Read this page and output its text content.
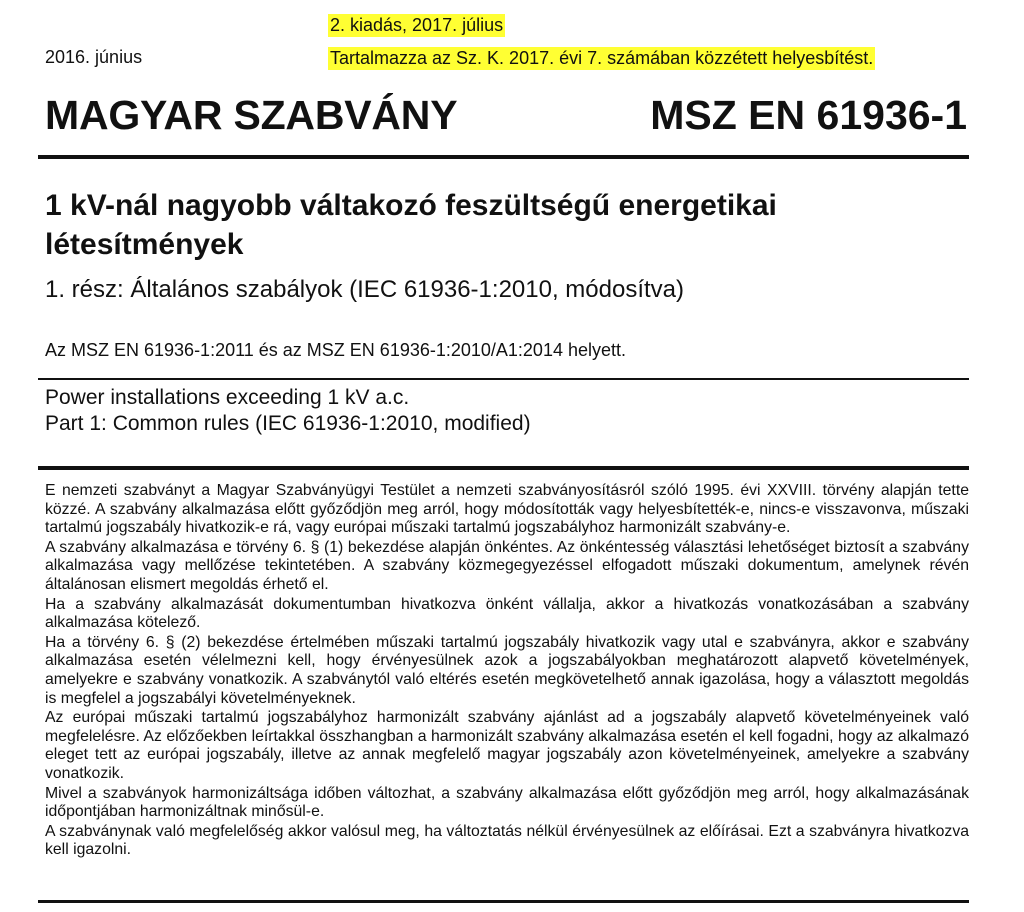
2016. június
2. kiadás, 2017. július
Tartalmazza az Sz. K. 2017. évi 7. számában közzétett helyesbítést.
MAGYAR SZABVÁNY	MSZ EN 61936-1
1 kV-nál nagyobb váltakozó feszültségű energetikai létesítmények
1. rész: Általános szabályok (IEC 61936-1:2010, módosítva)
Az MSZ EN 61936-1:2011 és az MSZ EN 61936-1:2010/A1:2014 helyett.
Power installations exceeding 1 kV a.c.
Part 1: Common rules (IEC 61936-1:2010, modified)

E nemzeti szabványt a Magyar Szabványügyi Testület a nemzeti szabványosításról szóló 1995. évi XXVIII. törvény alapján tette közzé. A szabvány alkalmazása előtt győződjön meg arról, hogy módosították vagy helyesbítették-e, nincs-e visszavonva, műszaki tartalmú jogszabály hivatkozik-e rá, vagy európai műszaki tartalmú jogszabályhoz harmonizált szabvány-e.

A szabvány alkalmazása e törvény 6. § (1) bekezdése alapján önkéntes. Az önkéntesség választási lehetőséget biztosít a szabvány alkalmazása vagy mellőzése tekintetében. A szabvány közmegegyezéssel elfogadott műszaki dokumentum, amelynek révén általánosan elismert megoldás érhető el.

Ha a szabvány alkalmazását dokumentumban hivatkozva önként vállalja, akkor a hivatkozás vonatkozásában a szabvány alkalmazása kötelező.

Ha a törvény 6. § (2) bekezdése értelmében műszaki tartalmú jogszabály hivatkozik vagy utal e szabványra, akkor e szabvány alkalmazása esetén vélelmezni kell, hogy érvényesülnek azok a jogszabályokban meghatározott alapvető követelmények, amelyekre e szabvány vonatkozik. A szabványtól való eltérés esetén megkövetelhető annak igazolása, hogy a választott megoldás is megfelel a jogszabályi követelményeknek.

Az európai műszaki tartalmú jogszabályhoz harmonizált szabvány ajánlást ad a jogszabály alapvető követelményeinek való megfelelésre. Az előzőekben leírtakkal összhangban a harmonizált szabvány alkalmazása esetén el kell fogadni, hogy az alkalmazó eleget tett az európai jogszabály, illetve az annak megfelelő magyar jogszabály azon követelményeinek, amelyekre a szabvány vonatkozik.

Mivel a szabványok harmonizáltsága időben változhat, a szabvány alkalmazása előtt győződjön meg arról, hogy alkalmazásának időpontjában harmonizáltnak minősül-e.

A szabványnak való megfelelőség akkor valósul meg, ha változtatás nélkül érvényesülnek az előírásai. Ezt a szabványra hivatkozva kell igazolni.
